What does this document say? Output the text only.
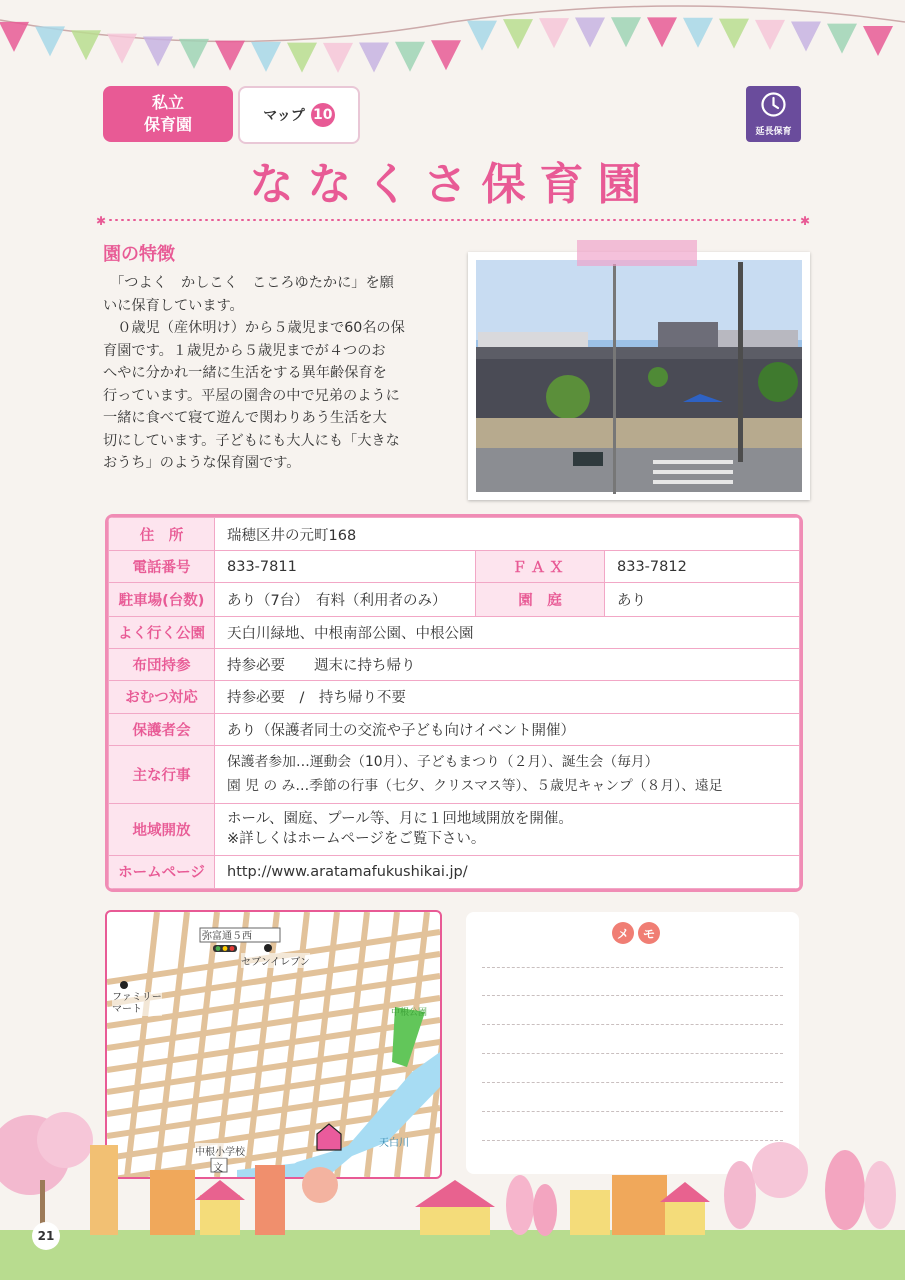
私立
保育園	マップ 10
延長保育
ななくさ保育園
✱	✱
園の特徴
　「つよく　かしこく　こころゆたかに」を願
いに保育しています。
　０歳児（産休明け）から５歳児まで60名の保
育園です。１歳児から５歳児までが４つのお
へやに分かれ一緒に生活をする異年齢保育を
行っています。平屋の園舎の中で兄弟のように
一緒に食べて寝て遊んで関わりあう生活を大
切にしています。子どもにも大人にも「大きな
おうち」のような保育園です。
住　所	瑞穂区井の元町168		
電話番号	833-7811	ＦＡＸ	833-7812
駐車場(台数)	あり（7台）　有料（利用者のみ）	園　庭	あり
よく行く公園	天白川緑地、中根南部公園、中根公園		
布団持参	持参必要　　週末に持ち帰り		
おむつ対応	持参必要　/　持ち帰り不要		
保護者会	あり（保護者同士の交流や子ども向けイベント開催）		
主な行事	保護者参加…運動会（10月）、子どもまつり（２月）、誕生会（毎月）
園 児 の み…季節の行事（七夕、クリスマス等）、５歳児キャンプ（８月）、遠足		
地域開放	ホール、園庭、プール等、月に１回地域開放を開催。
※詳しくはホームページをご覧下さい。		
ホームページ	http://www.aratamafukushikai.jp/		
弥富通５西
セブンイレブン
ファミリー
マート	中根公園
天白川
中根小学校
文
メ	モ
21
